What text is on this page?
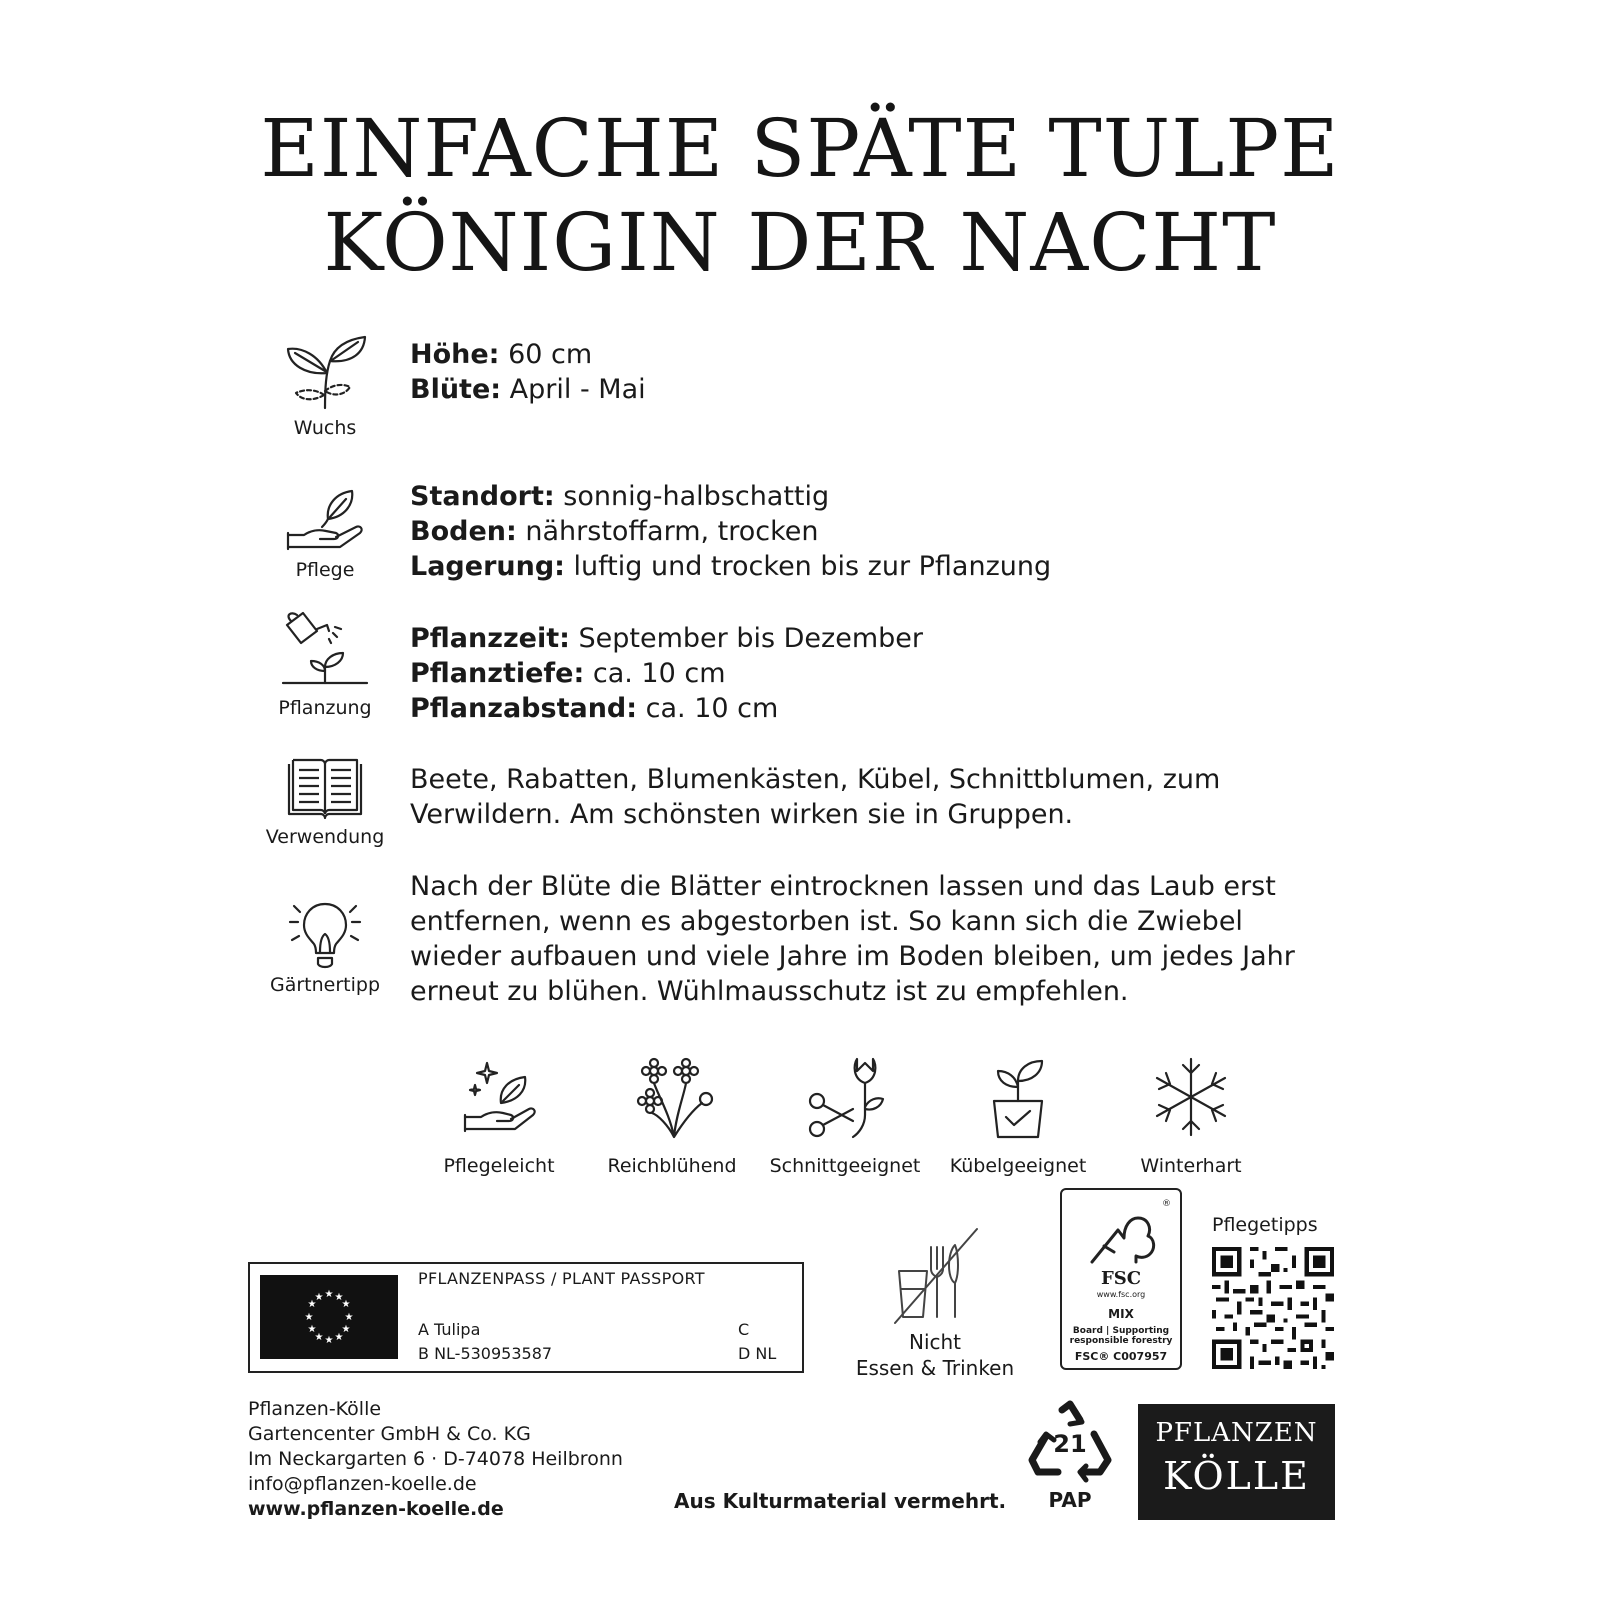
EINFACHE SPÄTE TULPE
KÖNIGIN DER NACHT
Wuchs
Höhe: 60 cm
Blüte: April - Mai
Pflege
Standort: sonnig-halbschattig
Boden: nährstoffarm, trocken
Lagerung: luftig und trocken bis zur Pflanzung
Pflanzung
Pflanzzeit: September bis Dezember
Pflanztiefe: ca. 10 cm
Pflanzabstand: ca. 10 cm
Verwendung
Beete, Rabatten, Blumenkästen, Kübel, Schnittblumen, zum
Verwildern. Am schönsten wirken sie in Gruppen.
Gärtnertipp
Nach der Blüte die Blätter eintrocknen lassen und das Laub erst
entfernen, wenn es abgestorben ist. So kann sich die Zwiebel
wieder aufbauen und viele Jahre im Boden bleiben, um jedes Jahr
erneut zu blühen. Wühlmausschutz ist zu empfehlen.
Pflegeleicht	Reichblühend	Schnittgeeignet	Kübelgeeignet	Winterhart
★ ★
★
★
★
★
★
★
★
★
★
★
PFLANZENPASS / PLANT PASSPORT
A Tulipa
B NL-530953587
C
D NL	Nicht
Essen & Trinken
®
FSC
www.fsc.org
MIX
Board | Supporting
responsible forestry
FSC® C007957
Pflegetipps
Pflanzen-Kölle
Gartencenter GmbH & Co. KG
Im Neckargarten 6 · D-74078 Heilbronn
info@pflanzen-koelle.de
www.pflanzen-koelle.de	Aus Kulturmaterial vermehrt.
21
PAP
PFLANZEN
KÖLLE
